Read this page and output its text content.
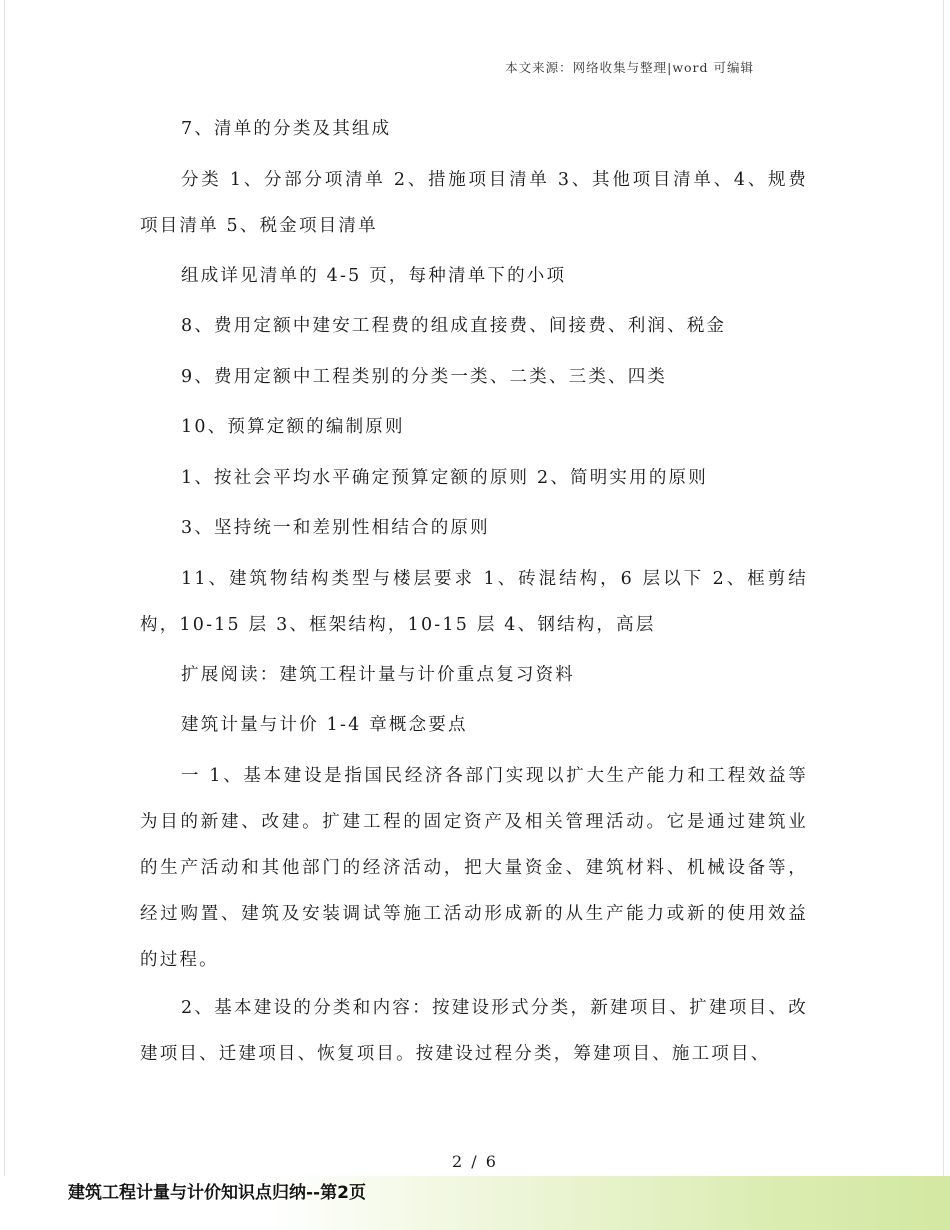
本文来源：网络收集与整理|word 可编辑

7、清单的分类及其组成

分类 1、分部分项清单 2、措施项目清单 3、其他项目清单、4、规费项目清单 5、税金项目清单

组成详见清单的 4-5 页，每种清单下的小项

8、费用定额中建安工程费的组成直接费、间接费、利润、税金

9、费用定额中工程类别的分类一类、二类、三类、四类

10、预算定额的编制原则

1、按社会平均水平确定预算定额的原则 2、简明实用的原则

3、坚持统一和差别性相结合的原则

11、建筑物结构类型与楼层要求 1、砖混结构，6 层以下 2、框剪结构，10-15 层 3、框架结构，10-15 层 4、钢结构，高层

扩展阅读：建筑工程计量与计价重点复习资料

建筑计量与计价 1-4 章概念要点

一 1、基本建设是指国民经济各部门实现以扩大生产能力和工程效益等为目的新建、改建。扩建工程的固定资产及相关管理活动。它是通过建筑业的生产活动和其他部门的经济活动，把大量资金、建筑材料、机械设备等，经过购置、建筑及安装调试等施工活动形成新的从生产能力或新的使用效益的过程。

2、基本建设的分类和内容：按建设形式分类，新建项目、扩建项目、改建项目、迁建项目、恢复项目。按建设过程分类，筹建项目、施工项目、

2 / 6
建筑工程计量与计价知识点归纳--第2页
